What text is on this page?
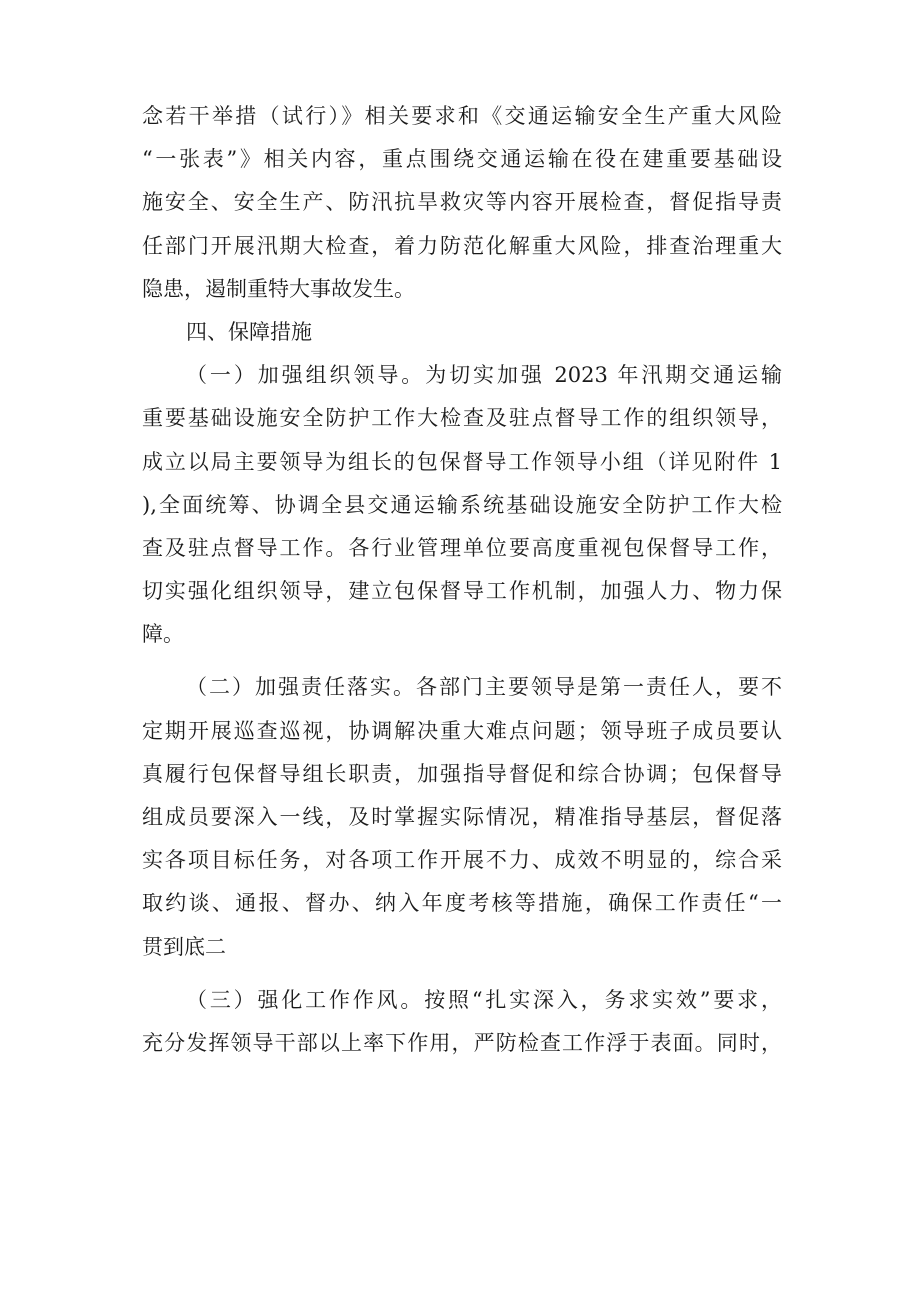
念若干举措（试行）》相关要求和《交通运输安全生产重大风险
“一张表”》相关内容，重点围绕交通运输在役在建重要基础设
施安全、安全生产、防汛抗旱救灾等内容开展检查，督促指导责
任部门开展汛期大检查，着力防范化解重大风险，排查治理重大
隐患，遏制重特大事故发生。
四、保障措施
（一）加强组织领导。为切实加强 2023 年汛期交通运输
重要基础设施安全防护工作大检查及驻点督导工作的组织领导，
成立以局主要领导为组长的包保督导工作领导小组（详见附件 1
),全面统筹、协调全县交通运输系统基础设施安全防护工作大检
查及驻点督导工作。各行业管理单位要高度重视包保督导工作，
切实强化组织领导，建立包保督导工作机制，加强人力、物力保
障。
（二）加强责任落实。各部门主要领导是第一责任人，要不
定期开展巡查巡视，协调解决重大难点问题；领导班子成员要认
真履行包保督导组长职责，加强指导督促和综合协调；包保督导
组成员要深入一线，及时掌握实际情况，精准指导基层，督促落
实各项目标任务，对各项工作开展不力、成效不明显的，综合采
取约谈、通报、督办、纳入年度考核等措施，确保工作责任“一
贯到底二
（三）强化工作作风。按照“扎实深入，务求实效”要求，
充分发挥领导干部以上率下作用，严防检查工作浮于表面。同时，
